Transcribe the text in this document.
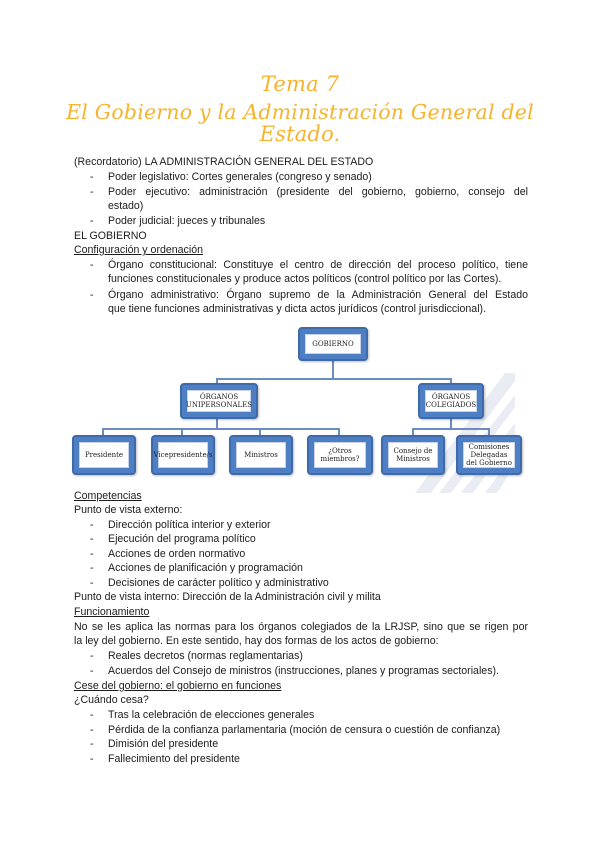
Tema 7
El Gobierno y la Administración General del
Estado.
(Recordatorio) LA ADMINISTRACIÓN GENERAL DEL ESTADO
- Poder legislativo: Cortes generales (congreso y senado)
- Poder ejecutivo: administración (presidente del gobierno, gobierno, consejo del
estado)
- Poder judicial: jueces y tribunales
EL GOBIERNO
Configuración y ordenación
- Órgano constitucional: Constituye el centro de dirección del proceso político, tiene
funciones constitucionales y produce actos políticos (control político por las Cortes).
- Órgano administrativo: Órgano supremo de la Administración General del Estado
que tiene funciones administrativas y dicta actos jurídicos (control jurisdiccional).
GOBIERNO
ÓRGANOS UNIPERSONALES
ÓRGANOS COLEGIADOS
Presidente	Vicepresidente/s	Ministros	¿Otros miembros?
Consejo de Ministros
Comisiones Delegadas del Gobierno
Competencias
Punto de vista externo:
- Dirección política interior y exterior
- Ejecución del programa político
- Acciones de orden normativo
- Acciones de planificación y programación
- Decisiones de carácter político y administrativo
Punto de vista interno: Dirección de la Administración civil y milita
Funcionamiento
No se les aplica las normas para los órganos colegiados de la LRJSP, sino que se rigen por
la ley del gobierno. En este sentido, hay dos formas de los actos de gobierno:
- Reales decretos (normas reglamentarias)
- Acuerdos del Consejo de ministros (instrucciones, planes y programas sectoriales).
Cese del gobierno: el gobierno en funciones
¿Cuándo cesa?
- Tras la celebración de elecciones generales
- Pérdida de la confianza parlamentaria (moción de censura o cuestión de confianza)
- Dimisión del presidente
- Fallecimiento del presidente
